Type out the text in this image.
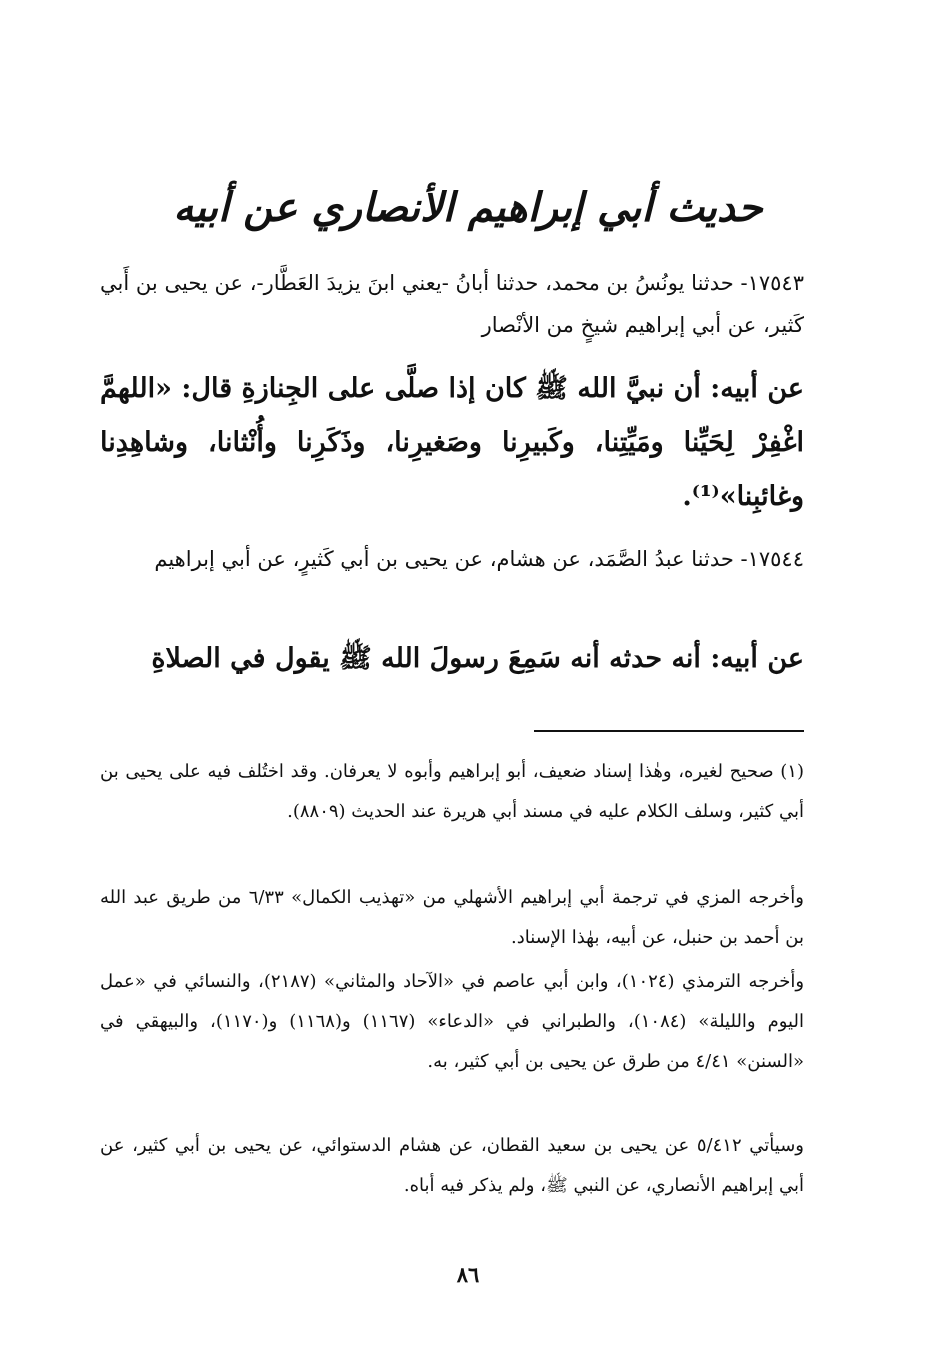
حديث أبي إبراهيم الأنصاري عن أبيه

١٧٥٤٣- حدثنا يونُسُ بن محمد، حدثنا أبانُ -يعني ابنَ يزيدَ العَطَّار-، عن يحيى بن أَبي كَثير، عن أبي إبراهيم شيخٍ من الأنْصار

عن أبيه: أن نبيَّ الله ﷺ كان إذا صلَّى على الجِنازةِ قال: «اللهمَّ اغْفِرْ لِحَيِّنا ومَيِّتِنا، وكَبيرِنا وصَغيرِنا، وذَكَرِنا وأُنْثانا، وشاهِدِنا وغائبِنا»⁽¹⁾.

١٧٥٤٤- حدثنا عبدُ الصَّمَد، عن هشام، عن يحيى بن أبي كَثيرٍ، عن أبي إبراهيم

عن أبيه: أنه حدثه أنه سَمِعَ رسولَ الله ﷺ يقول في الصلاةِ

(١) صحيح لغيره، وهٰذا إسناد ضعيف، أبو إبراهيم وأبوه لا يعرفان. وقد اختُلف فيه على يحيى بن أبي كثير، وسلف الكلام عليه في مسند أبي هريرة عند الحديث (٨٨٠٩).

وأخرجه المزي في ترجمة أبي إبراهيم الأشهلي من «تهذيب الكمال» ٦/٣٣ من طريق عبد الله بن أحمد بن حنبل، عن أبيه، بهٰذا الإسناد.

وأخرجه الترمذي (١٠٢٤)، وابن أبي عاصم في «الآحاد والمثاني» (٢١٨٧)، والنسائي في «عمل اليوم والليلة» (١٠٨٤)، والطبراني في «الدعاء» (١١٦٧) و(١١٦٨) و(١١٧٠)، والبيهقي في «السنن» ٤/٤١ من طرق عن يحيى بن أبي كثير، به.

وسيأتي ٥/٤١٢ عن يحيى بن سعيد القطان، عن هشام الدستوائي، عن يحيى بن أبي كثير، عن أبي إبراهيم الأنصاري، عن النبي ﷺ، ولم يذكر فيه أباه.

٨٦
